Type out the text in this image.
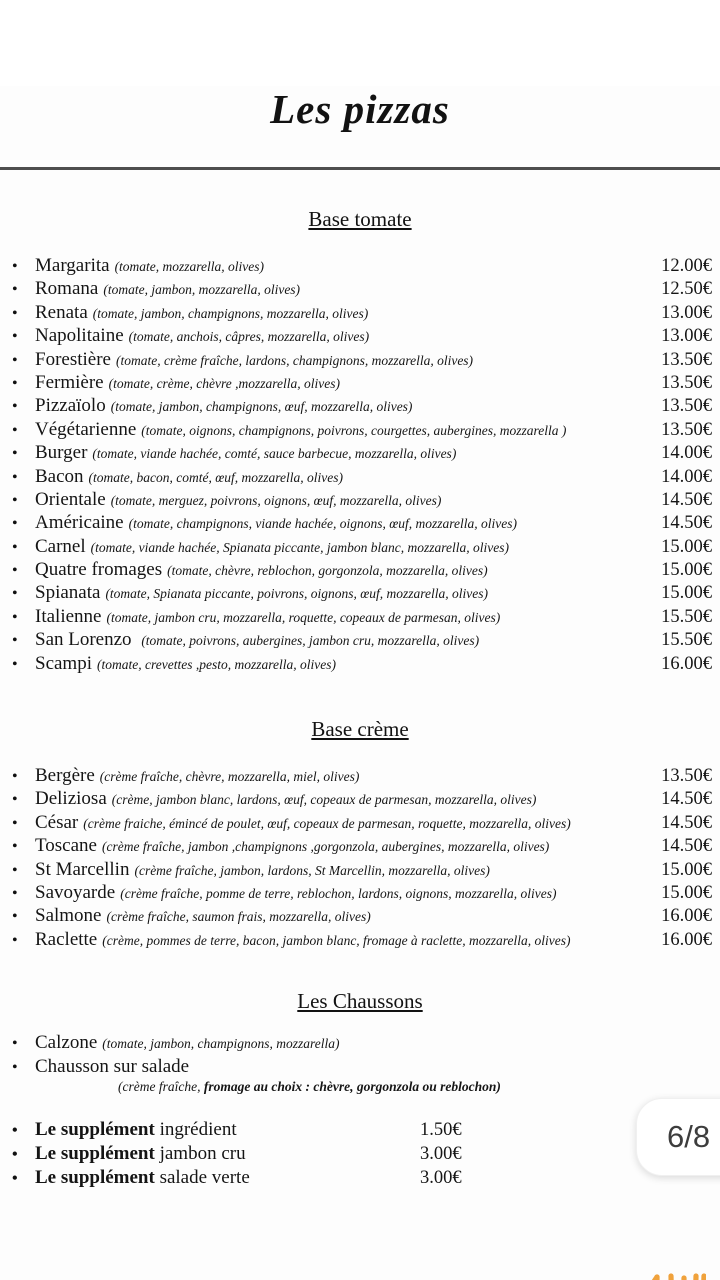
Les pizzas
Base tomate
• Margarita (tomate, mozzarella, olives)	12.00€
• Romana (tomate, jambon, mozzarella, olives)	12.50€
• Renata (tomate, jambon, champignons, mozzarella, olives)	13.00€
• Napolitaine (tomate, anchois, câpres, mozzarella, olives)	13.00€
• Forestière (tomate, crème fraîche, lardons, champignons, mozzarella, olives)	13.50€
• Fermière (tomate, crème, chèvre ,mozzarella, olives)	13.50€
• Pizzaïolo (tomate, jambon, champignons, œuf, mozzarella, olives)	13.50€
• Végétarienne (tomate, oignons, champignons, poivrons, courgettes, aubergines, mozzarella )	13.50€
• Burger (tomate, viande hachée, comté, sauce barbecue, mozzarella, olives)	14.00€
• Bacon (tomate, bacon, comté, œuf, mozzarella, olives)	14.00€
• Orientale (tomate, merguez, poivrons, oignons, œuf, mozzarella, olives)	14.50€
• Américaine (tomate, champignons, viande hachée, oignons, œuf, mozzarella, olives)	14.50€
• Carnel (tomate, viande hachée, Spianata piccante, jambon blanc, mozzarella, olives)	15.00€
• Quatre fromages (tomate, chèvre, reblochon, gorgonzola, mozzarella, olives)	15.00€
• Spianata (tomate, Spianata piccante, poivrons, oignons, œuf, mozzarella, olives)	15.00€
• Italienne (tomate, jambon cru, mozzarella, roquette, copeaux de parmesan, olives)	15.50€
• San Lorenzo (tomate, poivrons, aubergines, jambon cru, mozzarella, olives)	15.50€
• Scampi (tomate, crevettes ,pesto, mozzarella, olives)	16.00€
Base crème
• Bergère (crème fraîche, chèvre, mozzarella, miel, olives)	13.50€
• Deliziosa (crème, jambon blanc, lardons, œuf, copeaux de parmesan, mozzarella, olives)	14.50€
• César (crème fraiche, émincé de poulet, œuf, copeaux de parmesan, roquette, mozzarella, olives)	14.50€
• Toscane (crème fraîche, jambon ,champignons ,gorgonzola, aubergines, mozzarella, olives)	14.50€
• St Marcellin (crème fraîche, jambon, lardons, St Marcellin, mozzarella, olives)	15.00€
• Savoyarde (crème fraîche, pomme de terre, reblochon, lardons, oignons, mozzarella, olives)	15.00€
• Salmone (crème fraîche, saumon frais, mozzarella, olives)	16.00€
• Raclette (crème, pommes de terre, bacon, jambon blanc, fromage à raclette, mozzarella, olives)	16.00€
Les Chaussons
• Calzone (tomate, jambon, champignons, mozzarella)
• Chausson sur salade
(crème fraîche, fromage au choix : chèvre, gorgonzola ou reblochon)
• Le supplément ingrédient	1.50€
• Le supplément jambon cru	3.00€
• Le supplément salade verte	3.00€
6/8
